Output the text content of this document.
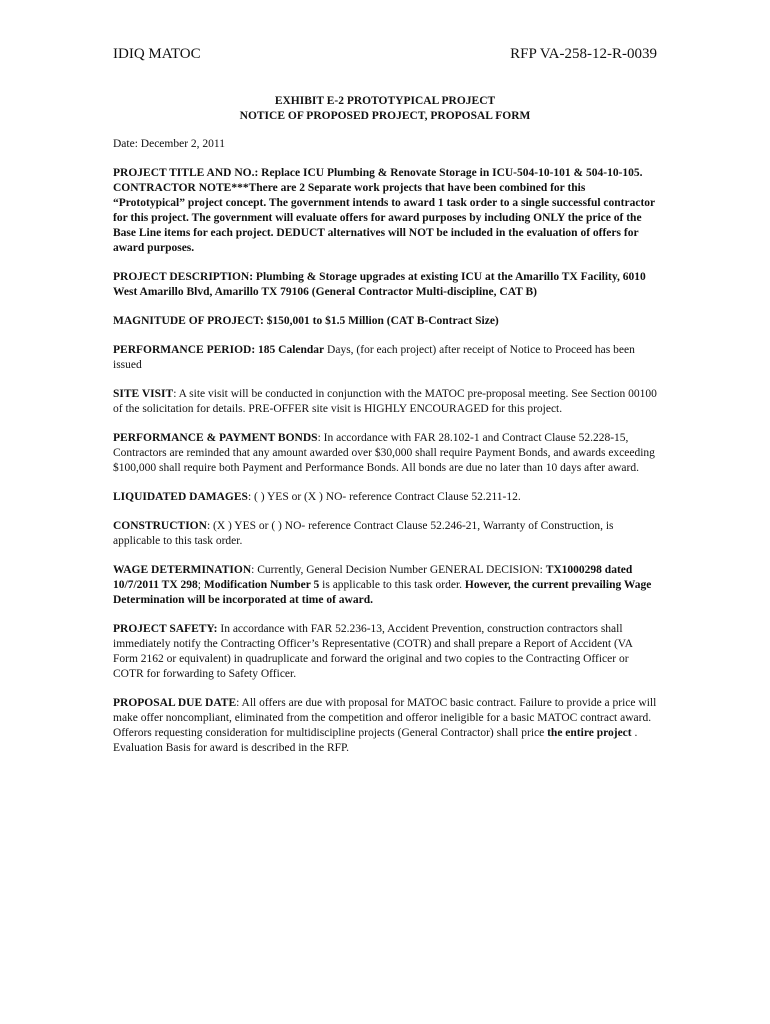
IDIQ MATOC	RFP VA-258-12-R-0039
EXHIBIT E-2 PROTOTYPICAL PROJECT
NOTICE OF PROPOSED PROJECT, PROPOSAL FORM

Date: December 2, 2011

PROJECT TITLE AND NO.: Replace ICU Plumbing & Renovate Storage in ICU-504-10-101 & 504-10-105. CONTRACTOR NOTE***There are 2 Separate work projects that have been combined for this “Prototypical” project concept. The government intends to award 1 task order to a single successful contractor for this project. The government will evaluate offers for award purposes by including ONLY the price of the Base Line items for each project. DEDUCT alternatives will NOT be included in the evaluation of offers for award purposes.

PROJECT DESCRIPTION: Plumbing & Storage upgrades at existing ICU at the Amarillo TX Facility, 6010 West Amarillo Blvd, Amarillo TX 79106 (General Contractor Multi-discipline, CAT B)

MAGNITUDE OF PROJECT: $150,001 to $1.5 Million (CAT B-Contract Size)

PERFORMANCE PERIOD: 185 Calendar Days, (for each project) after receipt of Notice to Proceed has been issued

SITE VISIT: A site visit will be conducted in conjunction with the MATOC pre-proposal meeting. See Section 00100 of the solicitation for details. PRE-OFFER site visit is HIGHLY ENCOURAGED for this project.

PERFORMANCE & PAYMENT BONDS: In accordance with FAR 28.102-1 and Contract Clause 52.228-15, Contractors are reminded that any amount awarded over $30,000 shall require Payment Bonds, and awards exceeding $100,000 shall require both Payment and Performance Bonds. All bonds are due no later than 10 days after award.

LIQUIDATED DAMAGES: ( ) YES or (X ) NO- reference Contract Clause 52.211-12.

CONSTRUCTION: (X ) YES or ( ) NO- reference Contract Clause 52.246-21, Warranty of Construction, is applicable to this task order.

WAGE DETERMINATION: Currently, General Decision Number GENERAL DECISION: TX1000298 dated 10/7/2011 TX 298; Modification Number 5 is applicable to this task order. However, the current prevailing Wage Determination will be incorporated at time of award.

PROJECT SAFETY: In accordance with FAR 52.236-13, Accident Prevention, construction contractors shall immediately notify the Contracting Officer’s Representative (COTR) and shall prepare a Report of Accident (VA Form 2162 or equivalent) in quadruplicate and forward the original and two copies to the Contracting Officer or COTR for forwarding to Safety Officer.

PROPOSAL DUE DATE: All offers are due with proposal for MATOC basic contract. Failure to provide a price will make offer noncompliant, eliminated from the competition and offeror ineligible for a basic MATOC contract award. Offerors requesting consideration for multidiscipline projects (General Contractor) shall price the entire project . Evaluation Basis for award is described in the RFP.
